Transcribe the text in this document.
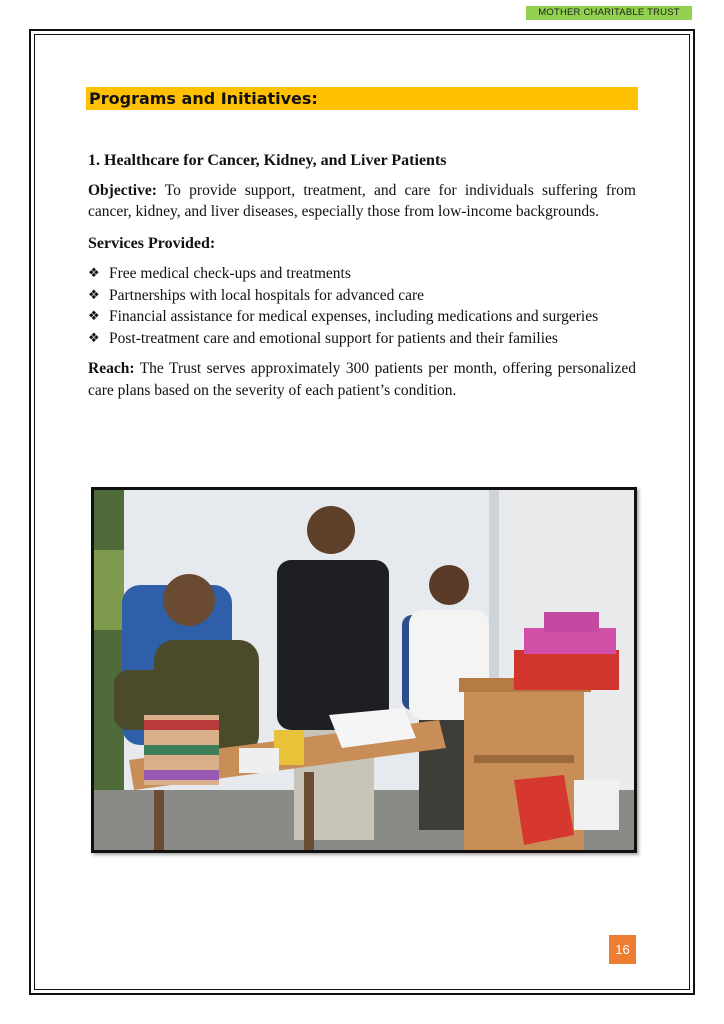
MOTHER CHARITABLE TRUST
Programs and Initiatives:
1. Healthcare for Cancer, Kidney, and Liver Patients

Objective: To provide support, treatment, and care for individuals suffering from cancer, kidney, and liver diseases, especially those from low-income backgrounds.

Services Provided:
❖ Free medical check-ups and treatments
❖ Partnerships with local hospitals for advanced care
❖ Financial assistance for medical expenses, including medications and surgeries
❖ Post-treatment care and emotional support for patients and their families

Reach: The Trust serves approximately 300 patients per month, offering personalized care plans based on the severity of each patient’s condition.

16
